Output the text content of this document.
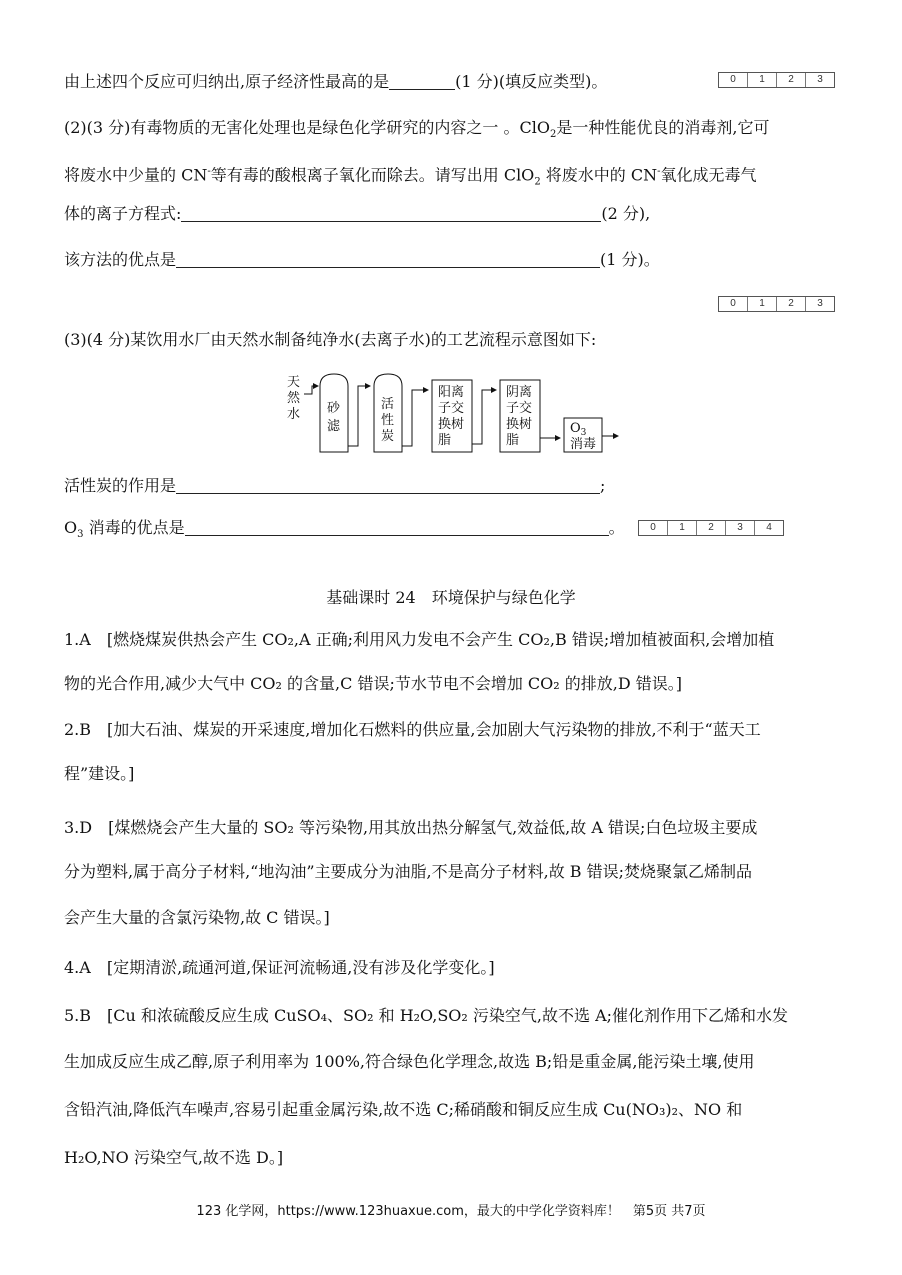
由上述四个反应可归纳出,原子经济性最高的是	(1 分)(填反应类型)。	0	1	2	3
(2)(3 分)有毒物质的无害化处理也是绿色化学研究的内容之一 。ClO$_2$是一种性能优良的消毒剂,它可
将废水中少量的 CN-等有毒的酸根离子氧化而除去。请写出用 ClO$_2$ 将废水中的 CN-氧化成无毒气
体的离子方程式:	(2 分),
该方法的优点是	(1 分)。
0	1	2	3
(3)(4 分)某饮用水厂由天然水制备纯净水(去离子水)的工艺流程示意图如下:
天
然
水 砂
滤
活
性
炭
阳离
子交
换树
脂
阴离
子交
换树
脂
$O_3$
消毒
活性炭的作用是	;
$O_3$ 消毒的优点是	。	0	1	2	3	4
基础课时 24　环境保护与绿色化学
1.A　[燃烧煤炭供热会产生 CO₂,A 正确;利用风力发电不会产生 CO₂,B 错误;增加植被面积,会增加植
物的光合作用,减少大气中 CO₂ 的含量,C 错误;节水节电不会增加 CO₂ 的排放,D 错误。]
2.B　[加大石油、煤炭的开采速度,增加化石燃料的供应量,会加剧大气污染物的排放,不利于“蓝天工
程”建设。]
3.D　[煤燃烧会产生大量的 SO₂ 等污染物,用其放出热分解氢气,效益低,故 A 错误;白色垃圾主要成
分为塑料,属于高分子材料,“地沟油”主要成分为油脂,不是高分子材料,故 B 错误;焚烧聚氯乙烯制品
会产生大量的含氯污染物,故 C 错误。]
4.A　[定期清淤,疏通河道,保证河流畅通,没有涉及化学变化。]
5.B　[Cu 和浓硫酸反应生成 CuSO₄、SO₂ 和 H₂O,SO₂ 污染空气,故不选 A;催化剂作用下乙烯和水发
生加成反应生成乙醇,原子利用率为 100%,符合绿色化学理念,故选 B;铅是重金属,能污染土壤,使用
含铅汽油,降低汽车噪声,容易引起重金属污染,故不选 C;稀硝酸和铜反应生成 Cu(NO₃)₂、NO 和
H₂O,NO 污染空气,故不选 D。]
123 化学网，https://www.123huaxue.com，最大的中学化学资料库！　第5页 共7页
